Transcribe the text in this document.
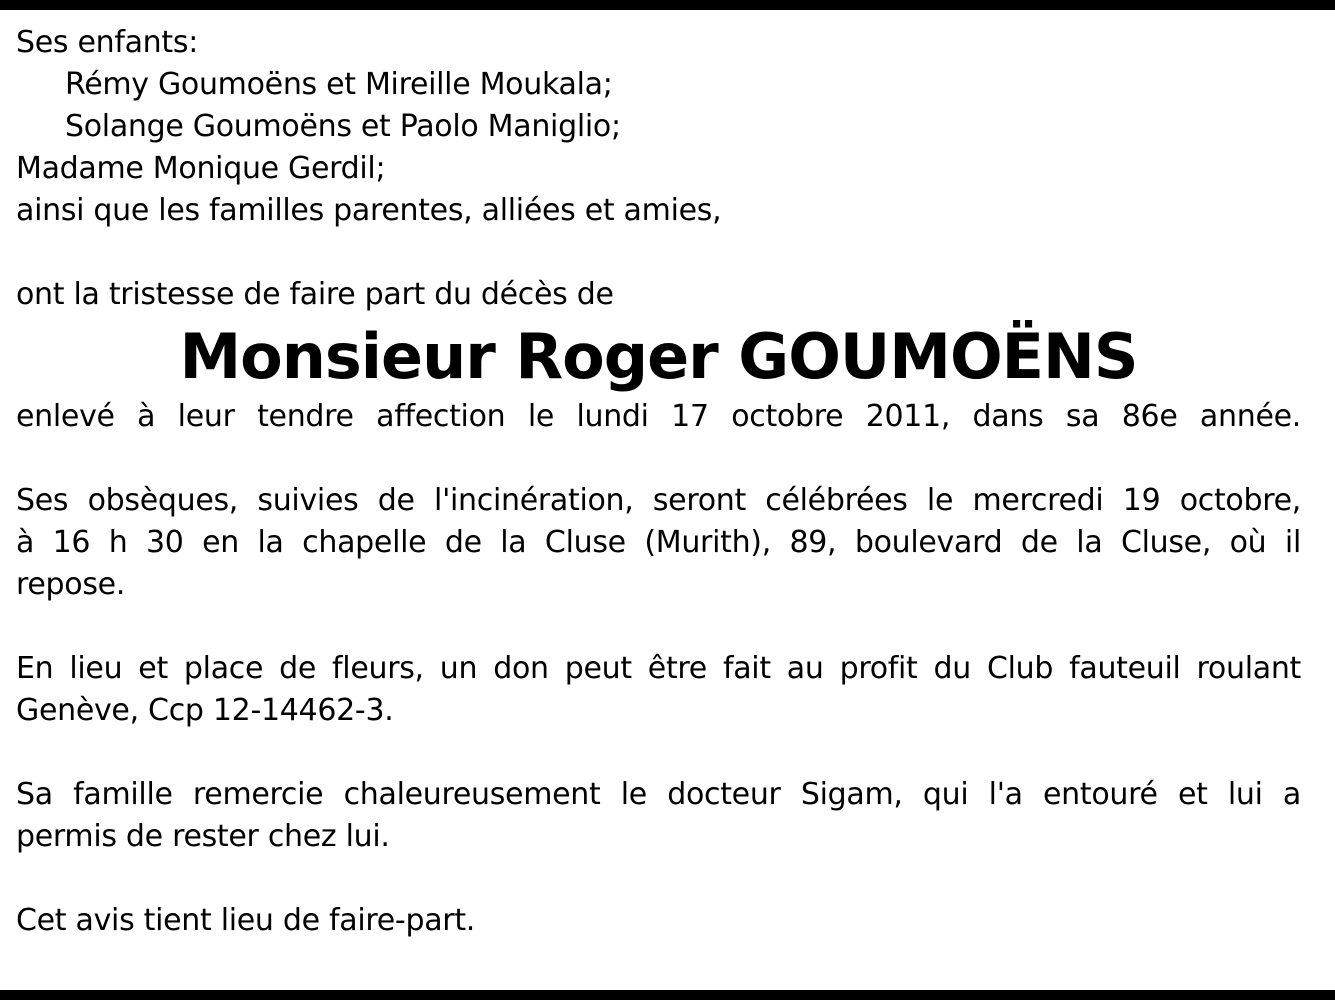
Ses enfants:
Rémy Goumoëns et Mireille Moukala;
Solange Goumoëns et Paolo Maniglio;
Madame Monique Gerdil;
ainsi que les familles parentes, alliées et amies,
ont la tristesse de faire part du décès de
Monsieur Roger GOUMOËNS
enlevé à leur tendre affection le lundi 17 octobre 2011, dans sa 86e année.
Ses obsèques, suivies de l'incinération, seront célébrées le mercredi 19 octobre,
à 16 h 30 en la chapelle de la Cluse (Murith), 89, boulevard de la Cluse, où il
repose.
En lieu et place de fleurs, un don peut être fait au profit du Club fauteuil roulant
Genève, Ccp 12-14462-3.
Sa famille remercie chaleureusement le docteur Sigam, qui l'a entouré et lui a
permis de rester chez lui.
Cet avis tient lieu de faire-part.
